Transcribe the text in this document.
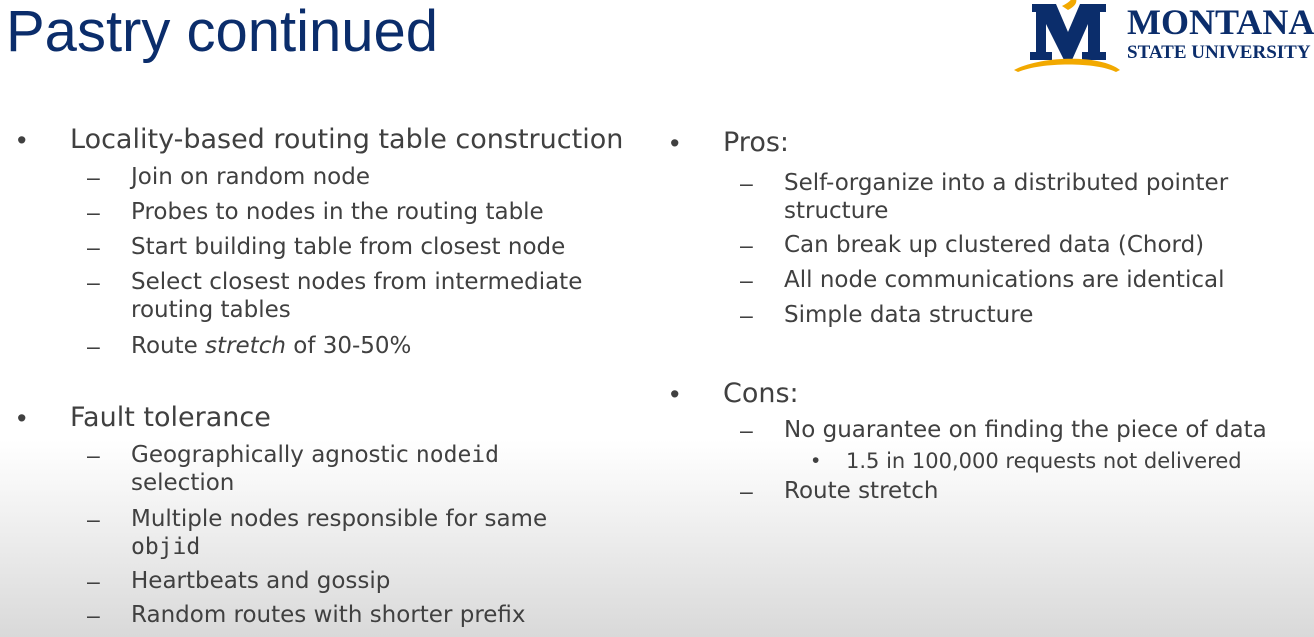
Pastry continued	MONTANA
STATE UNIVERSITY
• Locality-based routing table construction
– Join on random node
– Probes to nodes in the routing table
– Start building table from closest node
– Select closest nodes from intermediate
routing tables
– Route stretch of 30-50%
• Fault tolerance
– Geographically agnostic nodeid
selection
– Multiple nodes responsible for same
objid
– Heartbeats and gossip
– Random routes with shorter prefix
• Pros:
– Self-organize into a distributed pointer
structure
– Can break up clustered data (Chord)
– All node communications are identical
– Simple data structure
• Cons:
– No guarantee on finding the piece of data
• 1.5 in 100,000 requests not delivered
– Route stretch
